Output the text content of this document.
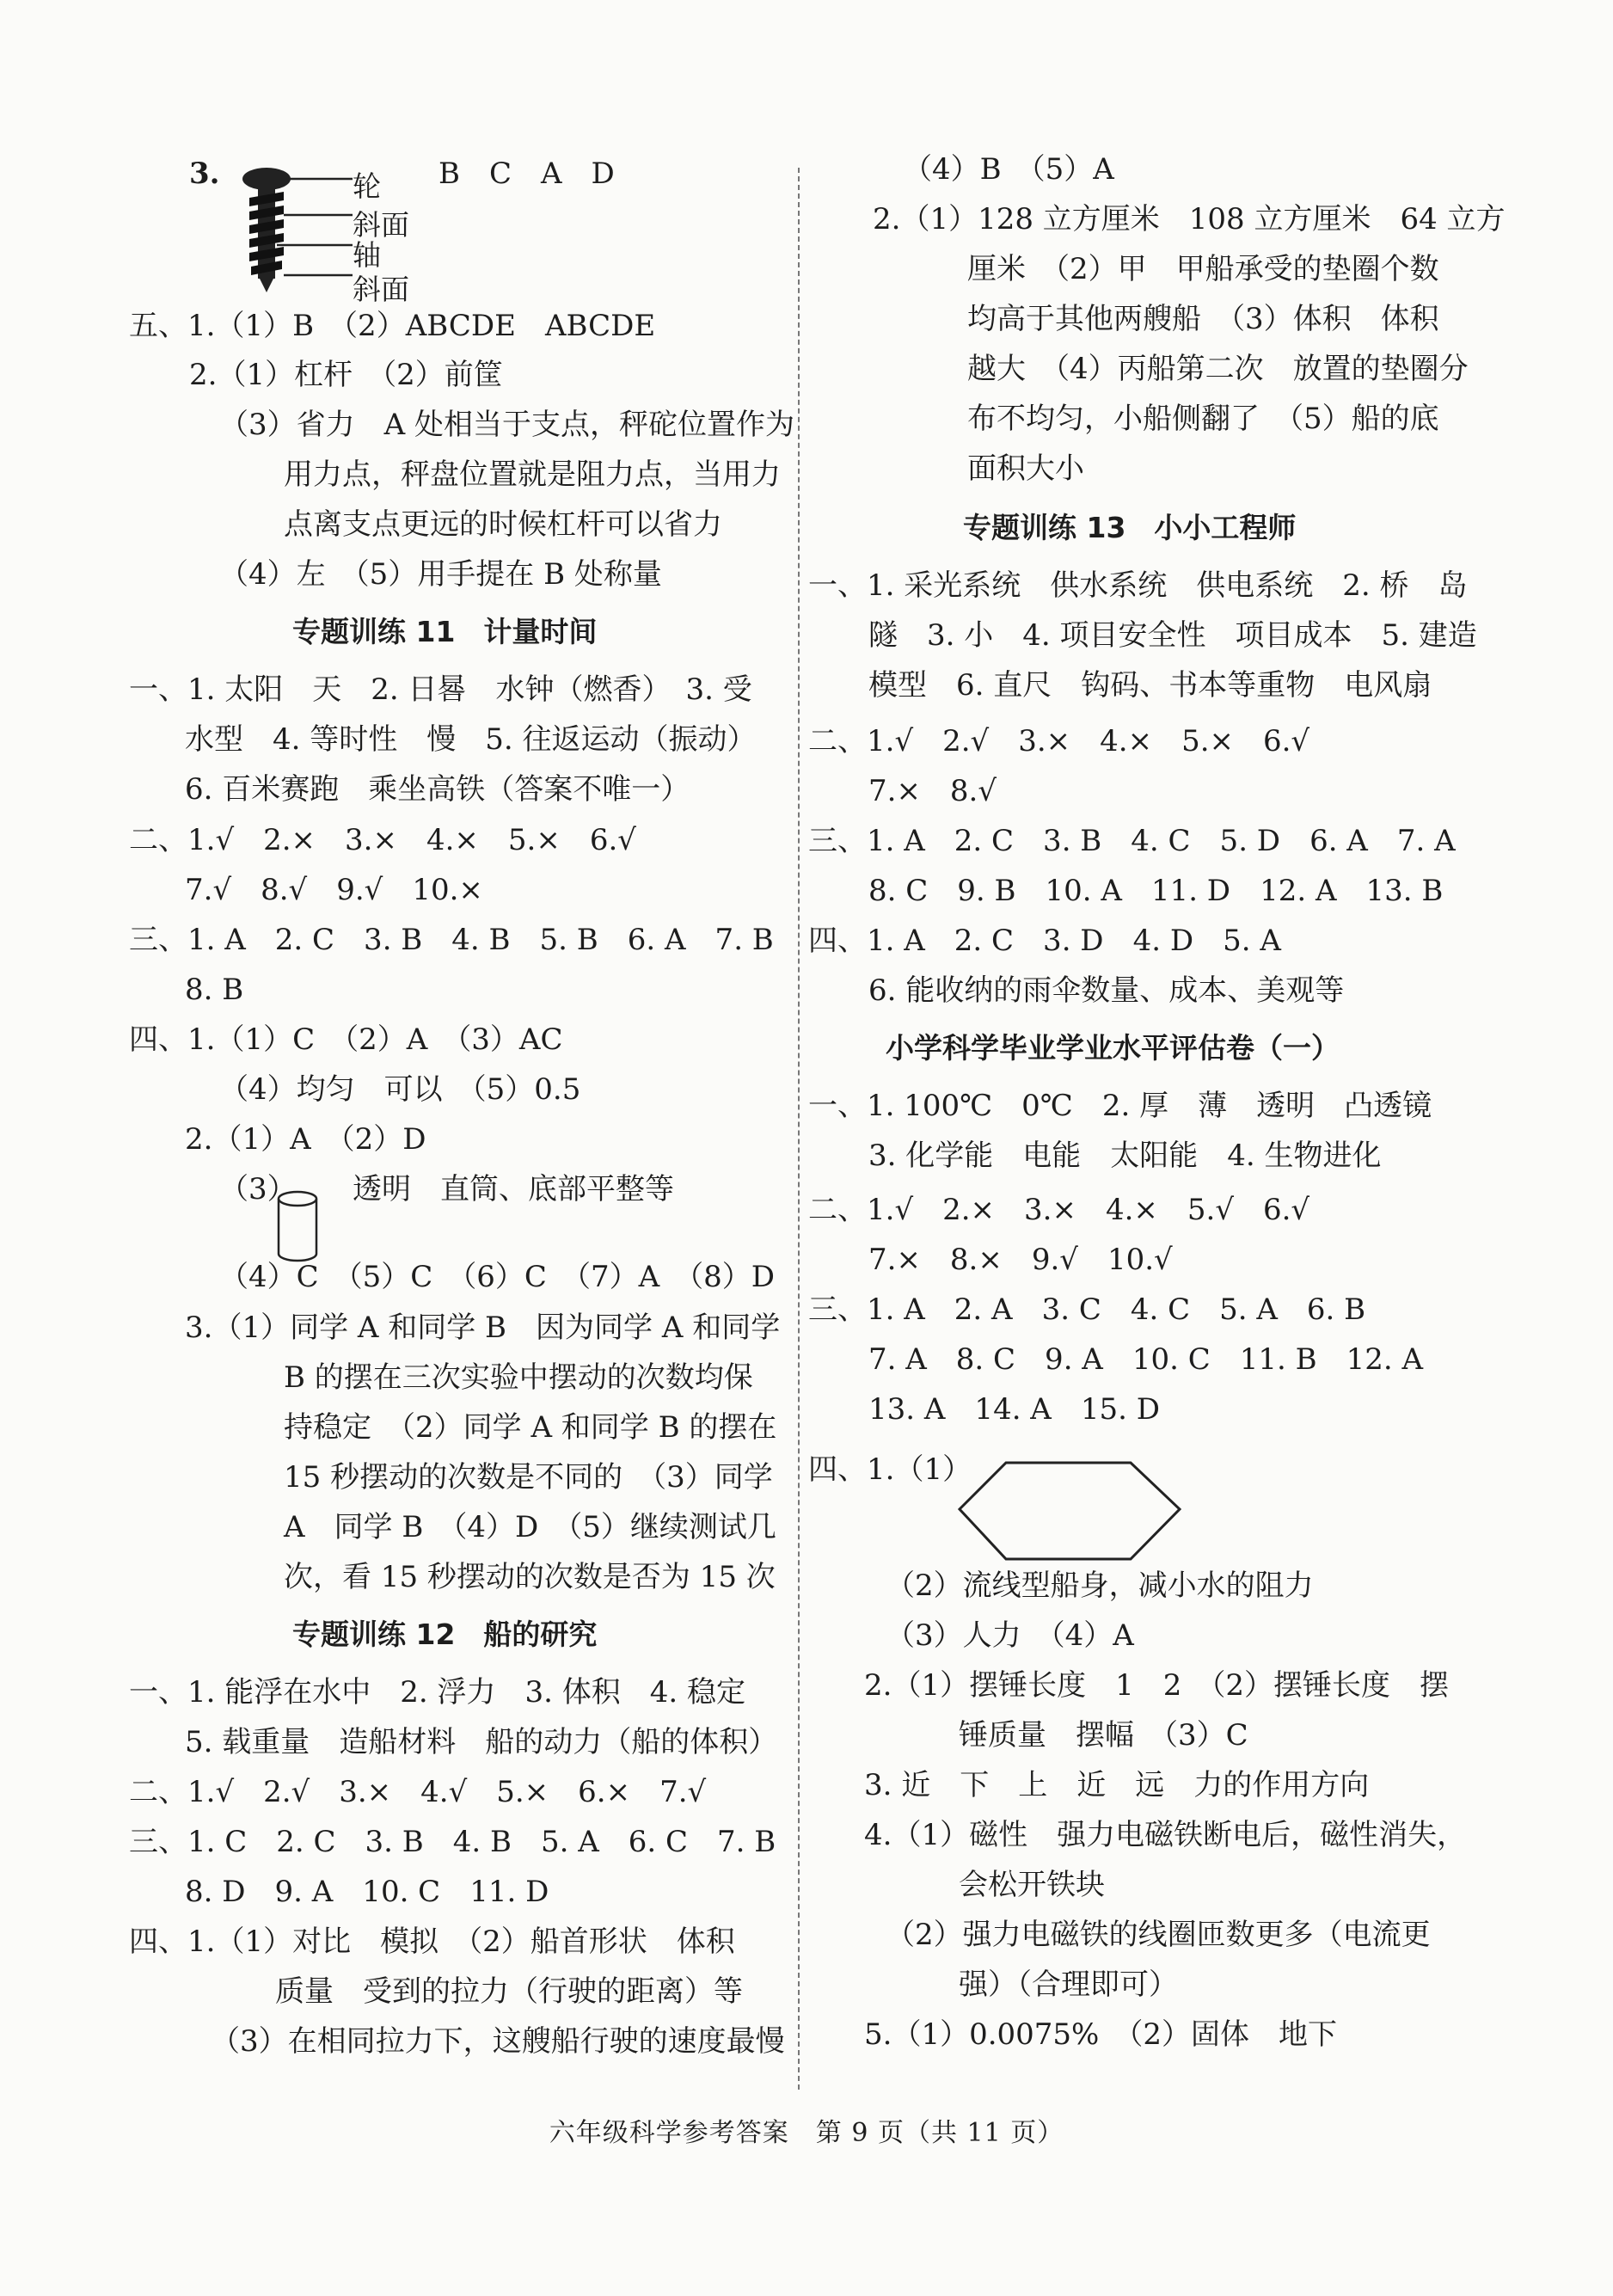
3.	B　C　A　D
五、1.（1）B　（2）ABCDE　ABCDE
2.（1）杠杆　（2）前筐
（3）省力　A 处相当于支点，秤砣位置作为
用力点，秤盘位置就是阻力点，当用力
点离支点更远的时候杠杆可以省力
（4）左　（5）用手提在 B 处称量
专题训练 11　计量时间
一、1. 太阳　天　2. 日晷　水钟（燃香）　3. 受
水型　4. 等时性　慢　5. 往返运动（振动）
6. 百米赛跑　乘坐高铁（答案不唯一）
二、1.√　2.×　3.×　4.×　5.×　6.√
7.√　8.√　9.√　10.×
三、1. A　2. C　3. B　4. B　5. B　6. A　7. B
8. B
四、1.（1）C　（2）A　（3）AC
（4）均匀　可以　（5）0.5
2.（1）A　（2）D
（3） 透明　直筒、底部平整等
（4）C　（5）C　（6）C　（7）A　（8）D
3.（1）同学 A 和同学 B　因为同学 A 和同学
B 的摆在三次实验中摆动的次数均保
持稳定　（2）同学 A 和同学 B 的摆在
15 秒摆动的次数是不同的　（3）同学
A　同学 B　（4）D　（5）继续测试几
次，看 15 秒摆动的次数是否为 15 次
专题训练 12　船的研究
一、1. 能浮在水中　2. 浮力　3. 体积　4. 稳定
5. 载重量　造船材料　船的动力（船的体积）
二、1.√　2.√　3.×　4.√　5.×　6.×　7.√
三、1. C　2. C　3. B　4. B　5. A　6. C　7. B
8. D　9. A　10. C　11. D
四、1.（1）对比　模拟　（2）船首形状　体积
质量　受到的拉力（行驶的距离）等
（3）在相同拉力下，这艘船行驶的速度最慢
（4）B　（5）A
2.（1）128 立方厘米　108 立方厘米　64 立方
厘米　（2）甲　甲船承受的垫圈个数
均高于其他两艘船　（3）体积　体积
越大　（4）丙船第二次　放置的垫圈分
布不均匀，小船侧翻了　（5）船的底
面积大小
专题训练 13　小小工程师
一、1. 采光系统　供水系统　供电系统　2. 桥　岛
隧　3. 小　4. 项目安全性　项目成本　5. 建造
模型　6. 直尺　钩码、书本等重物　电风扇
二、1.√　2.√　3.×　4.×　5.×　6.√
7.×　8.√
三、1. A　2. C　3. B　4. C　5. D　6. A　7. A
8. C　9. B　10. A　11. D　12. A　13. B
四、1. A　2. C　3. D　4. D　5. A
6. 能收纳的雨伞数量、成本、美观等
小学科学毕业学业水平评估卷（一）
一、1. 100℃　0℃　2. 厚　薄　透明　凸透镜
3. 化学能　电能　太阳能　4. 生物进化
二、1.√　2.×　3.×　4.×　5.√　6.√
7.×　8.×　9.√　10.√
三、1. A　2. A　3. C　4. C　5. A　6. B
7. A　8. C　9. A　10. C　11. B　12. A
13. A　14. A　15. D
四、1.（1）
（2）流线型船身，减小水的阻力
（3）人力　（4）A
2.（1）摆锤长度　1　2　（2）摆锤长度　摆
锤质量　摆幅　（3）C
3. 近　下　上　近　远　力的作用方向
4.（1）磁性　强力电磁铁断电后，磁性消失，
会松开铁块
（2）强力电磁铁的线圈匝数更多（电流更
强）（合理即可）
5.（1）0.0075%　（2）固体　地下
轮
斜面
轴
斜面
六年级科学参考答案　第 9 页（共 11 页）
